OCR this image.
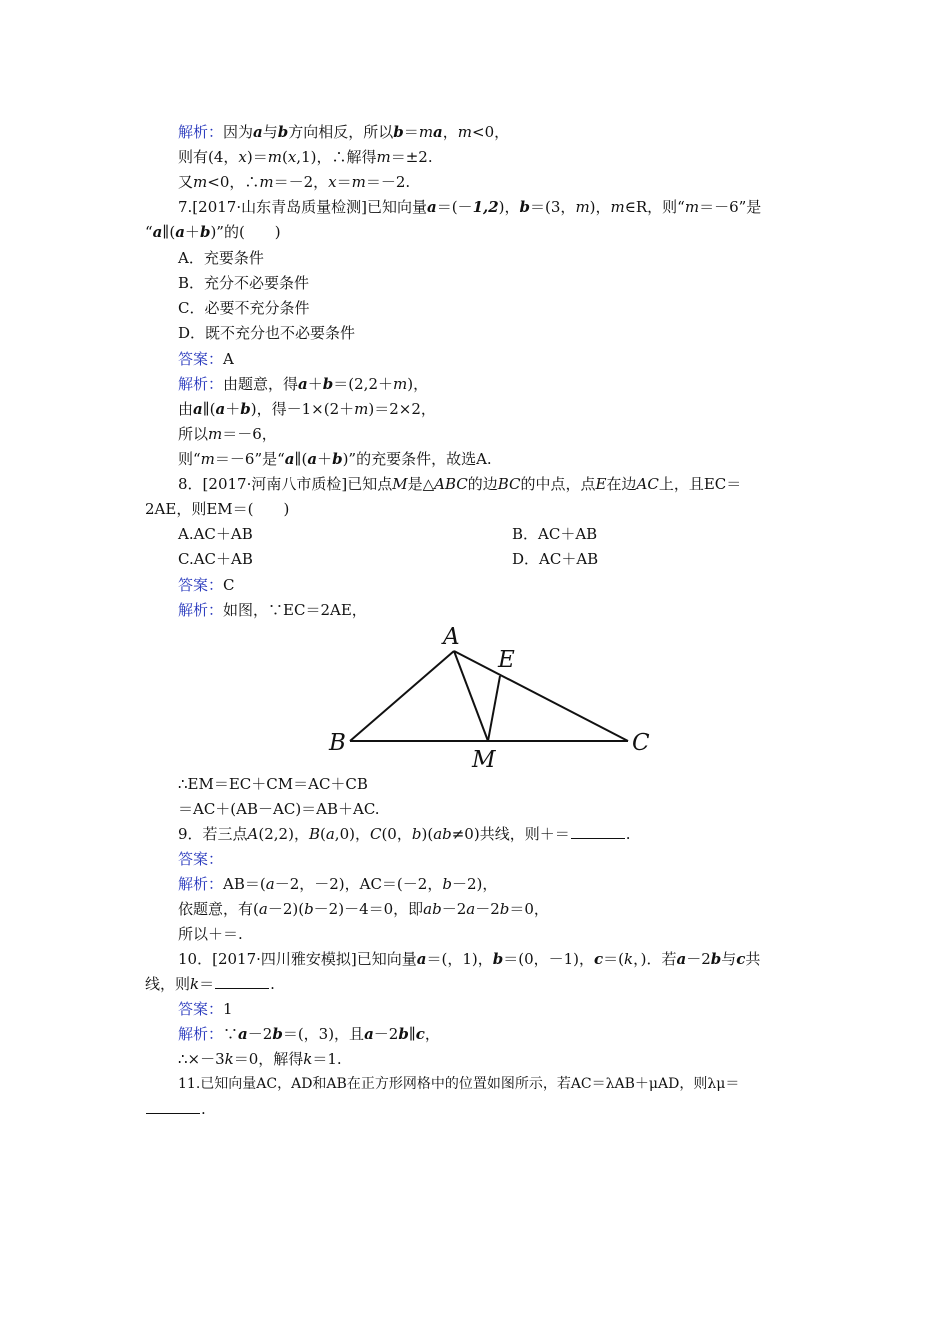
解析：因为a与b方向相反，所以b＝ma，m<0，
则有(4，x)＝m(x,1)，∴解得m＝±2.
又m<0，∴m＝－2，x＝m＝－2.
7.[2017·山东青岛质量检测]已知向量a＝(－1,2)，b＝(3，m)，m∈R，则“m＝－6”是
“a∥(a＋b)”的(　　)
A．充要条件
B．充分不必要条件
C．必要不充分条件
D．既不充分也不必要条件
答案：A
解析：由题意，得a＋b＝(2,2＋m)，
由a∥(a＋b)，得－1×(2＋m)＝2×2，
所以m＝－6，
则“m＝－6”是“a∥(a＋b)”的充要条件，故选A.
8．[2017·河南八市质检]已知点M是△ABC的边BC的中点，点E在边AC上，且EC＝
2AE，则EM＝(　　)
A.AC＋AB	B．AC＋AB
C.AC＋AB	D．AC＋AB
答案：C
解析：如图，∵EC＝2AE，
A
E
B	C
M
∴EM＝EC＋CM＝AC＋CB
＝AC＋(AB－AC)＝AB＋AC.
9．若三点A(2,2)，B(a,0)，C(0，b)(ab≠0)共线，则＋＝	.
答案：
解析：AB＝(a－2，－2)，AC＝(－2，b－2)，
依题意，有(a－2)(b－2)－4＝0，即ab－2a－2b＝0，
所以＋＝.
10．[2017·四川雅安模拟]已知向量a＝(，1)，b＝(0，－1)，c＝(k，)．若a－2b与c共
线，则k＝	.
答案：1
解析：∵a－2b＝(，3)，且a－2b∥c，
∴×－3k＝0，解得k＝1.
11.已知向量AC，AD和AB在正方形网格中的位置如图所示，若AC＝λAB＋μAD，则λμ＝
.
